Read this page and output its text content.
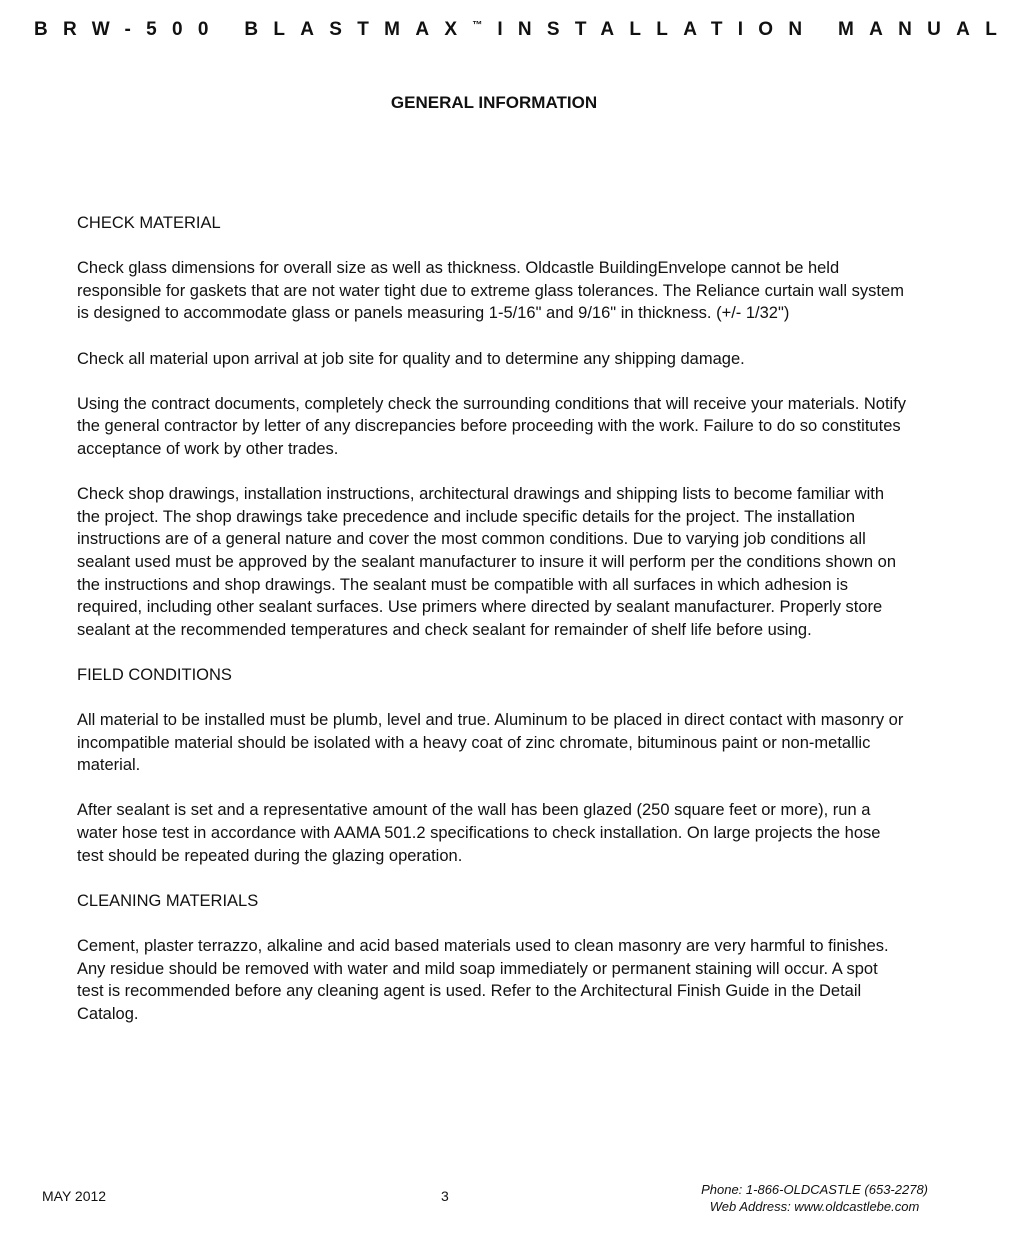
BRW-500 BLASTMAX™ INSTALLATION MANUAL
GENERAL INFORMATION

CHECK MATERIAL

Check glass dimensions for overall size as well as thickness. Oldcastle BuildingEnvelope cannot be held responsible for gaskets that are not water tight due to extreme glass tolerances. The Reliance curtain wall system is designed to accommodate glass or panels measuring 1-5/16" and 9/16" in thickness. (+/- 1/32")

Check all material upon arrival at job site for quality and to determine any shipping damage.

Using the contract documents, completely check the surrounding conditions that will receive your materials. Notify the general contractor by letter of any discrepancies before proceeding with the work. Failure to do so constitutes acceptance of work by other trades.

Check shop drawings, installation instructions, architectural drawings and shipping lists to become familiar with the project. The shop drawings take precedence and include specific details for the project. The installation instructions are of a general nature and cover the most common conditions. Due to varying job conditions all sealant used must be approved by the sealant manufacturer to insure it will perform per the conditions shown on the instructions and shop drawings. The sealant must be compatible with all surfaces in which adhesion is required, including other sealant surfaces. Use primers where directed by sealant manufacturer. Properly store sealant at the recommended temperatures and check sealant for remainder of shelf life before using.

FIELD CONDITIONS

All material to be installed must be plumb, level and true. Aluminum to be placed in direct contact with masonry or incompatible material should be isolated with a heavy coat of zinc chromate, bituminous paint or non-metallic material.

After sealant is set and a representative amount of the wall has been glazed (250 square feet or more), run a water hose test in accordance with AAMA 501.2 specifications to check installation. On large projects the hose test should be repeated during the glazing operation.

CLEANING MATERIALS

Cement, plaster terrazzo, alkaline and acid based materials used to clean masonry are very harmful to finishes. Any residue should be removed with water and mild soap immediately or permanent staining will occur. A spot test is recommended before any cleaning agent is used. Refer to the Architectural Finish Guide in the Detail Catalog.

MAY 2012	3	Phone: 1-866-OLDCASTLE (653-2278)
Web Address: www.oldcastlebe.com
